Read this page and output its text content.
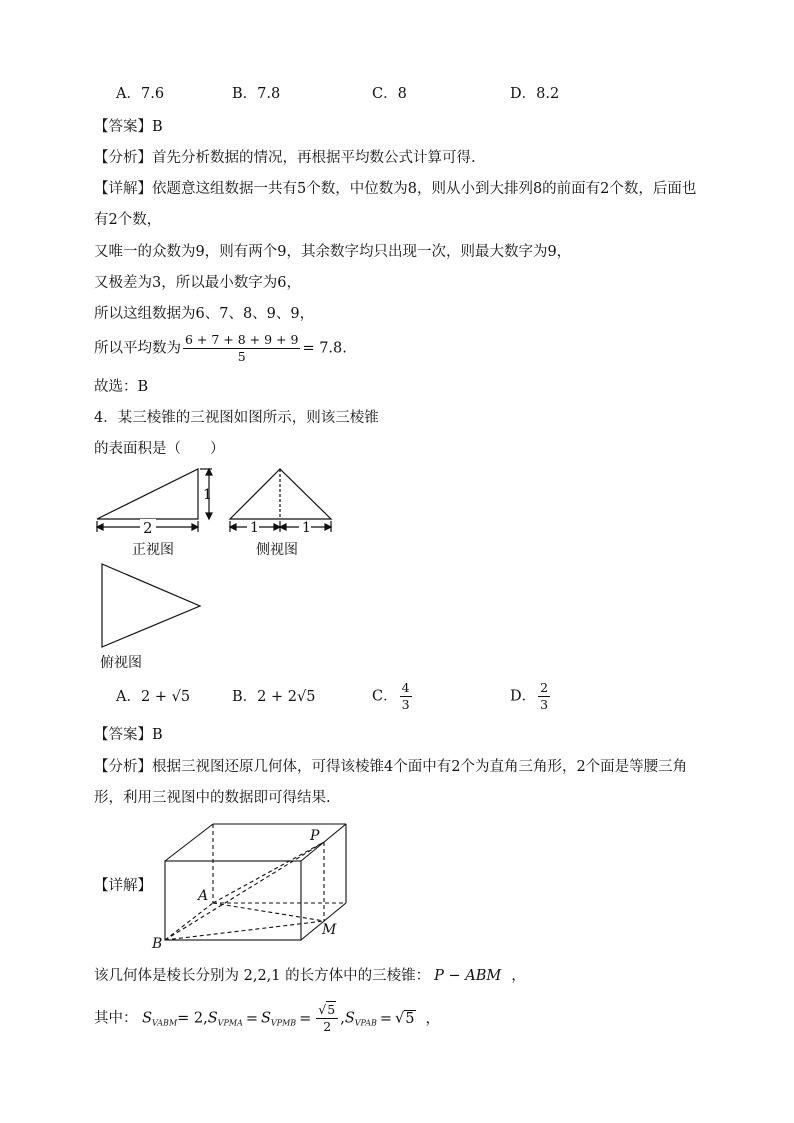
A．7.6	B．7.8	C．8	D．8.2
【答案】B
【分析】首先分析数据的情况，再根据平均数公式计算可得.
【详解】依题意这组数据一共有5个数，中位数为8，则从小到大排列8的前面有2个数，后面也有2个数，
又唯一的众数为9，则有两个9，其余数字均只出现一次，则最大数字为9，
又极差为3，所以最小数字为6，
所以这组数据为6、7、8、9、9，
所以平均数为 $\frac{6 + 7 + 8 + 9 + 9}{5} = 7.8$.
故选：B
4．某三棱锥的三视图如图所示，则该三棱锥
的表面积是（　　）
1
2
正视图
1	1
侧视图
俯视图
A．2 + √5	B．2 + 2√5	C． $\frac{4}{3}$	D． $\frac{2}{3}$
【答案】B
【分析】根据三视图还原几何体，可得该棱锥4个面中有2个为直角三角形，2个面是等腰三角形，利用三视图中的数据即可得结果.
【详解】
P
A
B
M
该几何体是棱长分别为 2,2,1 的长方体中的三棱锥： P − ABM ，
其中： $S_{VABM}= 2,S_{VPMA} = S_{VPMB} = \frac{√5}{2} ,S_{VPAB} = √5$ ，
